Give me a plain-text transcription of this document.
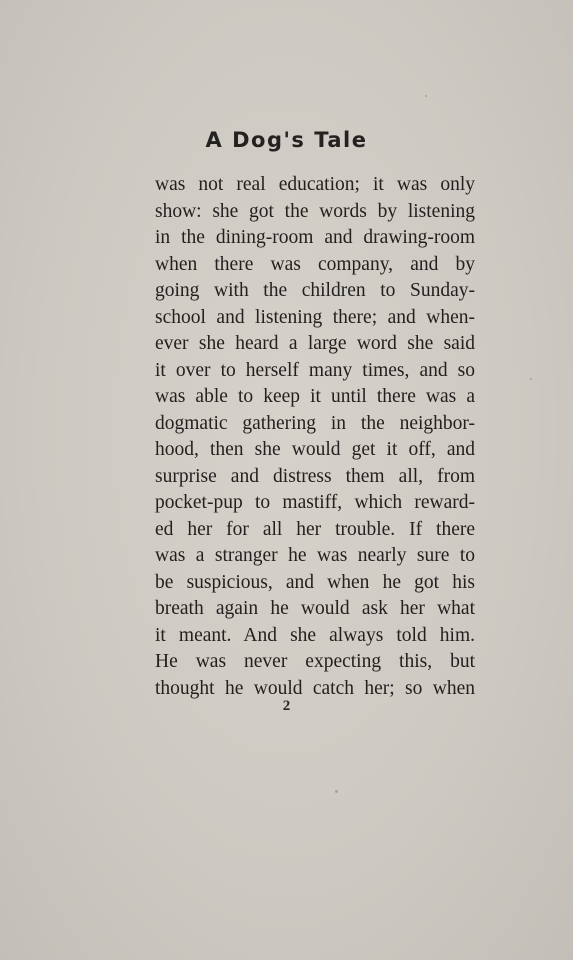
A Dog's Tale
was not real education; it was only
show: she got the words by listening
in the dining-room and drawing-room
when there was company, and by
going with the children to Sunday-
school and listening there; and when-
ever she heard a large word she said
it over to herself many times, and so
was able to keep it until there was a
dogmatic gathering in the neighbor-
hood, then she would get it off, and
surprise and distress them all, from
pocket-pup to mastiff, which reward-
ed her for all her trouble. If there
was a stranger he was nearly sure to
be suspicious, and when he got his
breath again he would ask her what
it meant. And she always told him.
He was never expecting this, but
thought he would catch her; so when
2
